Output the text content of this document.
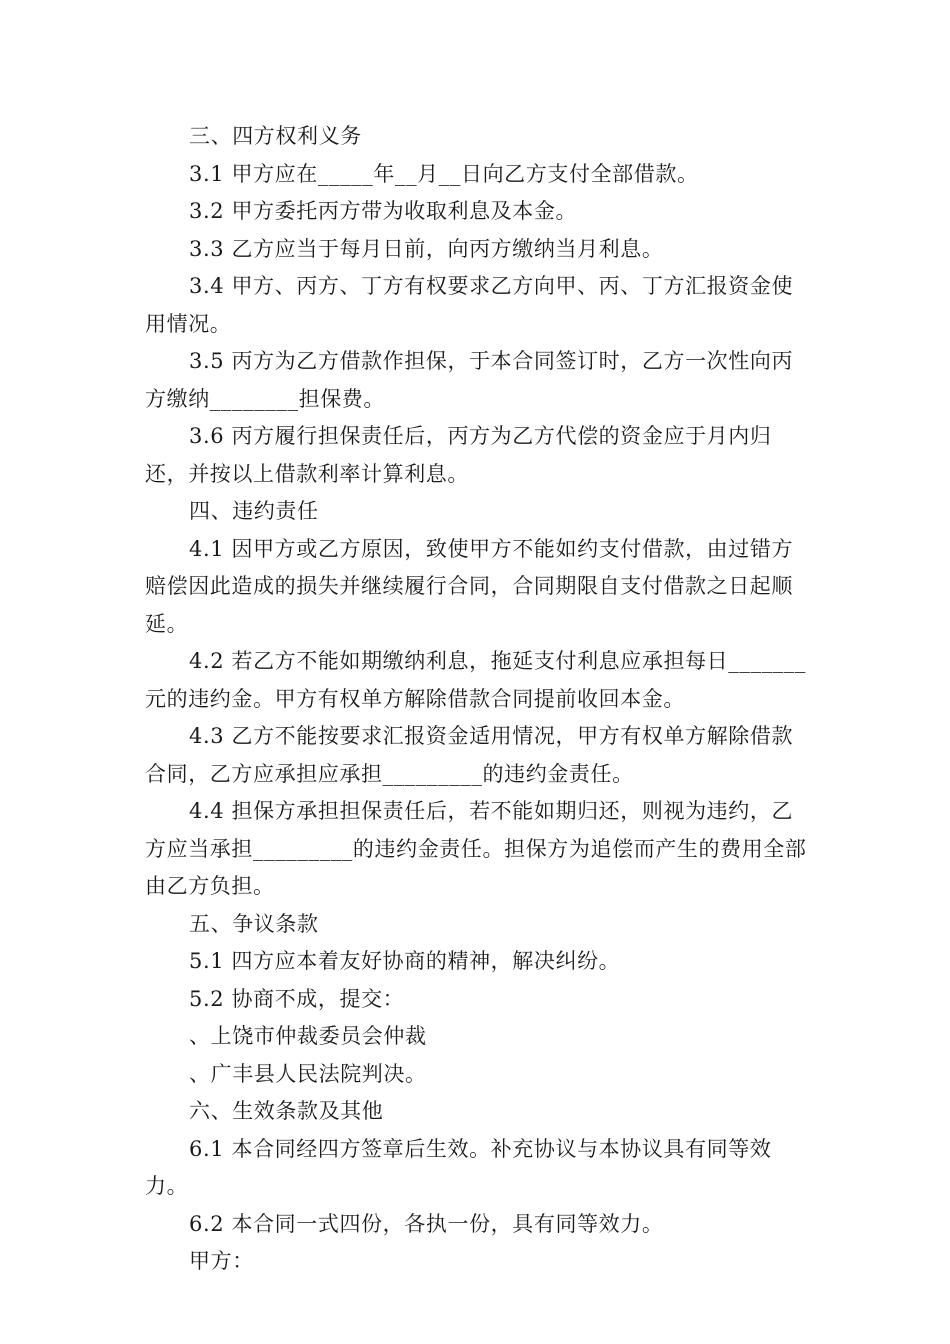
三、四方权利义务

3.1 甲方应在_____年__月__日向乙方支付全部借款。

3.2 甲方委托丙方带为收取利息及本金。

3.3 乙方应当于每月日前，向丙方缴纳当月利息。

3.4 甲方、丙方、丁方有权要求乙方向甲、丙、丁方汇报资金使用情况。

3.5 丙方为乙方借款作担保，于本合同签订时，乙方一次性向丙方缴纳________担保费。

3.6 丙方履行担保责任后，丙方为乙方代偿的资金应于月内归还，并按以上借款利率计算利息。

四、违约责任

4.1 因甲方或乙方原因，致使甲方不能如约支付借款，由过错方赔偿因此造成的损失并继续履行合同，合同期限自支付借款之日起顺延。

4.2 若乙方不能如期缴纳利息，拖延支付利息应承担每日_______元的违约金。甲方有权单方解除借款合同提前收回本金。

4.3 乙方不能按要求汇报资金适用情况，甲方有权单方解除借款合同，乙方应承担应承担_________的违约金责任。

4.4 担保方承担担保责任后，若不能如期归还，则视为违约，乙方应当承担_________的违约金责任。担保方为追偿而产生的费用全部由乙方负担。

五、争议条款

5.1 四方应本着友好协商的精神，解决纠纷。

5.2 协商不成，提交：

、上饶市仲裁委员会仲裁

、广丰县人民法院判决。

六、生效条款及其他

6.1 本合同经四方签章后生效。补充协议与本协议具有同等效力。

6.2 本合同一式四份，各执一份，具有同等效力。

甲方：
